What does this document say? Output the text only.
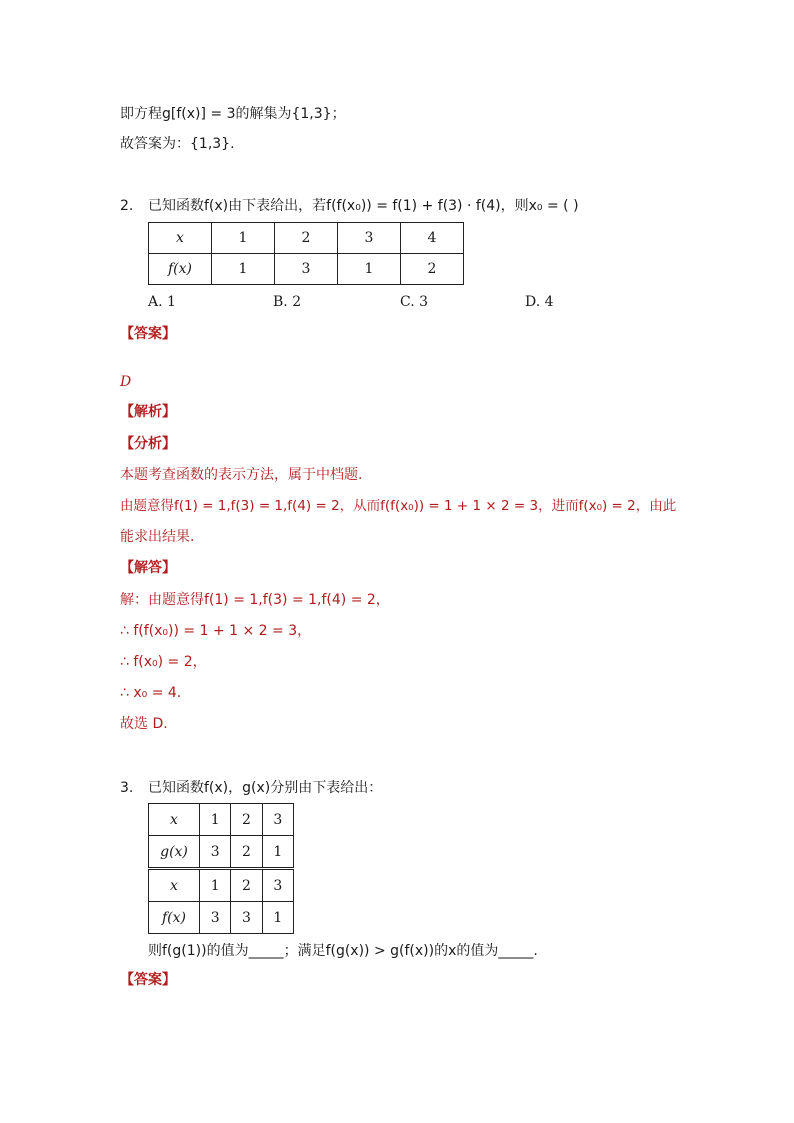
即方程g[f(x)] = 3的解集为{1,3}；
故答案为：{1,3}.
2. 已知函数f(x)由下表给出，若f(f(x₀)) = f(1) + f(3) · f(4)，则x₀ = ( )
x	1	2	3	4
f(x)	1	3	1	2
A. 1	B. 2	C. 3	D. 4
【答案】
D
【解析】
【分析】
本题考查函数的表示方法，属于中档题.
由题意得f(1) = 1,f(3) = 1,f(4) = 2，从而f(f(x₀)) = 1 + 1 × 2 = 3，进而f(x₀) = 2，由此
能求出结果.
【解答】
解：由题意得f(1) = 1,f(3) = 1,f(4) = 2，
∴ f(f(x₀)) = 1 + 1 × 2 = 3，
∴ f(x₀) = 2，
∴ x₀ = 4.
故选 D.
3. 已知函数f(x)，g(x)分别由下表给出：
x	1	2	3
g(x)	3	2	1
x	1	2	3
f(x)	3	3	1
则f(g(1))的值为_____；满足f(g(x)) > g(f(x))的x的值为_____.
【答案】
